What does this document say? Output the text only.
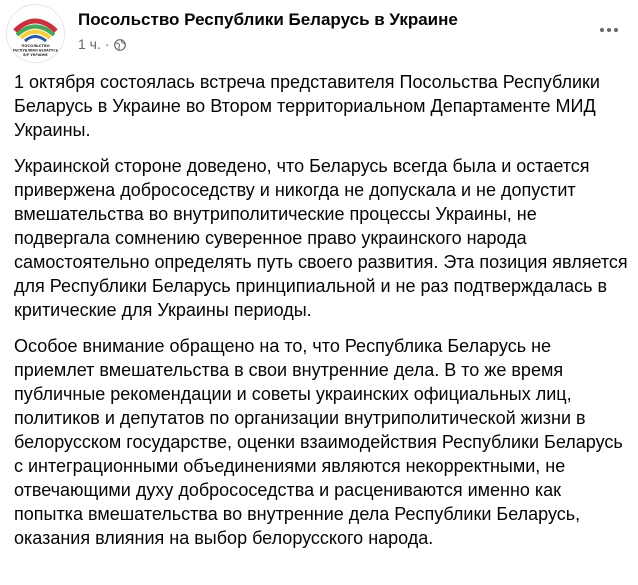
ПОСОЛЬСТВО
РЕСПУБЛИКИ БЕЛАРУСЬ
В/Р УКРАИНЕ
Посольство Республики Беларусь в Украине
1 ч. ·

1 октября состоялась встреча представителя Посольства Республики Беларусь в Украине во Втором территориальном Департаменте МИД Украины.

Украинской стороне доведено, что Беларусь всегда была и остается привержена добрососедству и никогда не допускала и не допустит вмешательства во внутриполитические процессы Украины, не подвергала сомнению суверенное право украинского народа самостоятельно определять путь своего развития. Эта позиция является для Республики Беларусь принципиальной и не раз подтверждалась в критические для Украины периоды.

Особое внимание обращено на то, что Республика Беларусь не приемлет вмешательства в свои внутренние дела. В то же время публичные рекомендации и советы украинских официальных лиц, политиков и депутатов по организации внутриполитической жизни в белорусском государстве, оценки взаимодействия Республики Беларусь с интеграционными объединениями являются некорректными, не отвечающими духу добрососедства и расцениваются именно как попытка вмешательства во внутренние дела Республики Беларусь, оказания влияния на выбор белорусского народа.
